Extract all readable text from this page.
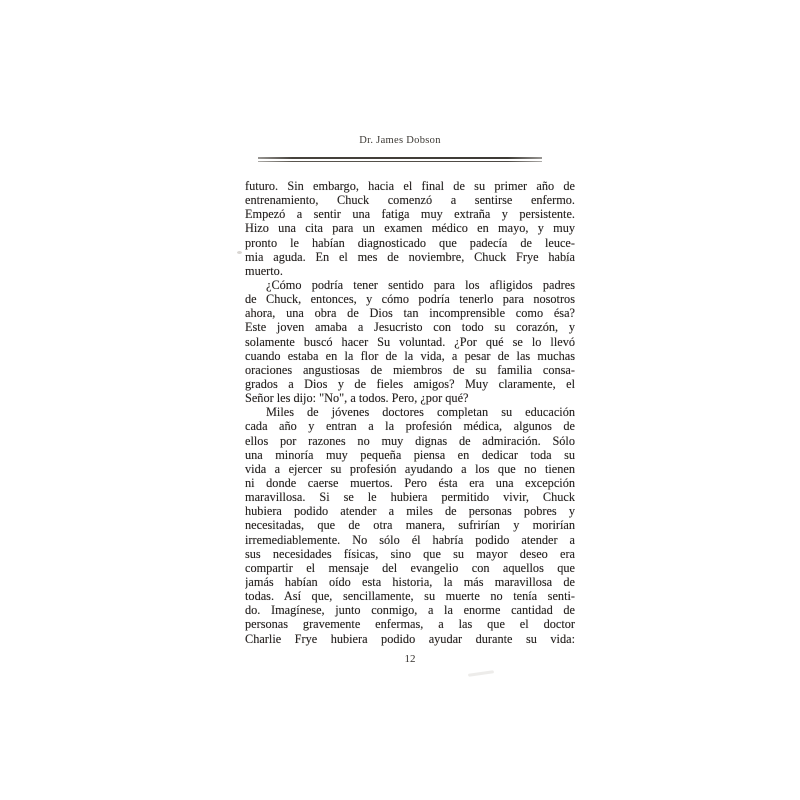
Dr. James Dobson
futuro. Sin embargo, hacia el final de su primer año de
entrenamiento, Chuck comenzó a sentirse enfermo.
Empezó a sentir una fatiga muy extraña y persistente.
Hizo una cita para un examen médico en mayo, y muy
pronto le habían diagnosticado que padecía de leuce-
mia aguda. En el mes de noviembre, Chuck Frye había
muerto.
¿Cómo podría tener sentido para los afligidos padres
de Chuck, entonces, y cómo podría tenerlo para nosotros
ahora, una obra de Dios tan incomprensible como ésa?
Este joven amaba a Jesucristo con todo su corazón, y
solamente buscó hacer Su voluntad. ¿Por qué se lo llevó
cuando estaba en la flor de la vida, a pesar de las muchas
oraciones angustiosas de miembros de su familia consa-
grados a Dios y de fieles amigos? Muy claramente, el
Señor les dijo: "No", a todos. Pero, ¿por qué?
Miles de jóvenes doctores completan su educación
cada año y entran a la profesión médica, algunos de
ellos por razones no muy dignas de admiración. Sólo
una minoría muy pequeña piensa en dedicar toda su
vida a ejercer su profesión ayudando a los que no tienen
ni donde caerse muertos. Pero ésta era una excepción
maravillosa. Si se le hubiera permitido vivir, Chuck
hubiera podido atender a miles de personas pobres y
necesitadas, que de otra manera, sufrirían y morirían
irremediablemente. No sólo él habría podido atender a
sus necesidades físicas, sino que su mayor deseo era
compartir el mensaje del evangelio con aquellos que
jamás habían oído esta historia, la más maravillosa de
todas. Así que, sencillamente, su muerte no tenía senti-
do. Imagínese, junto conmigo, a la enorme cantidad de
personas gravemente enfermas, a las que el doctor
Charlie Frye hubiera podido ayudar durante su vida:
12
